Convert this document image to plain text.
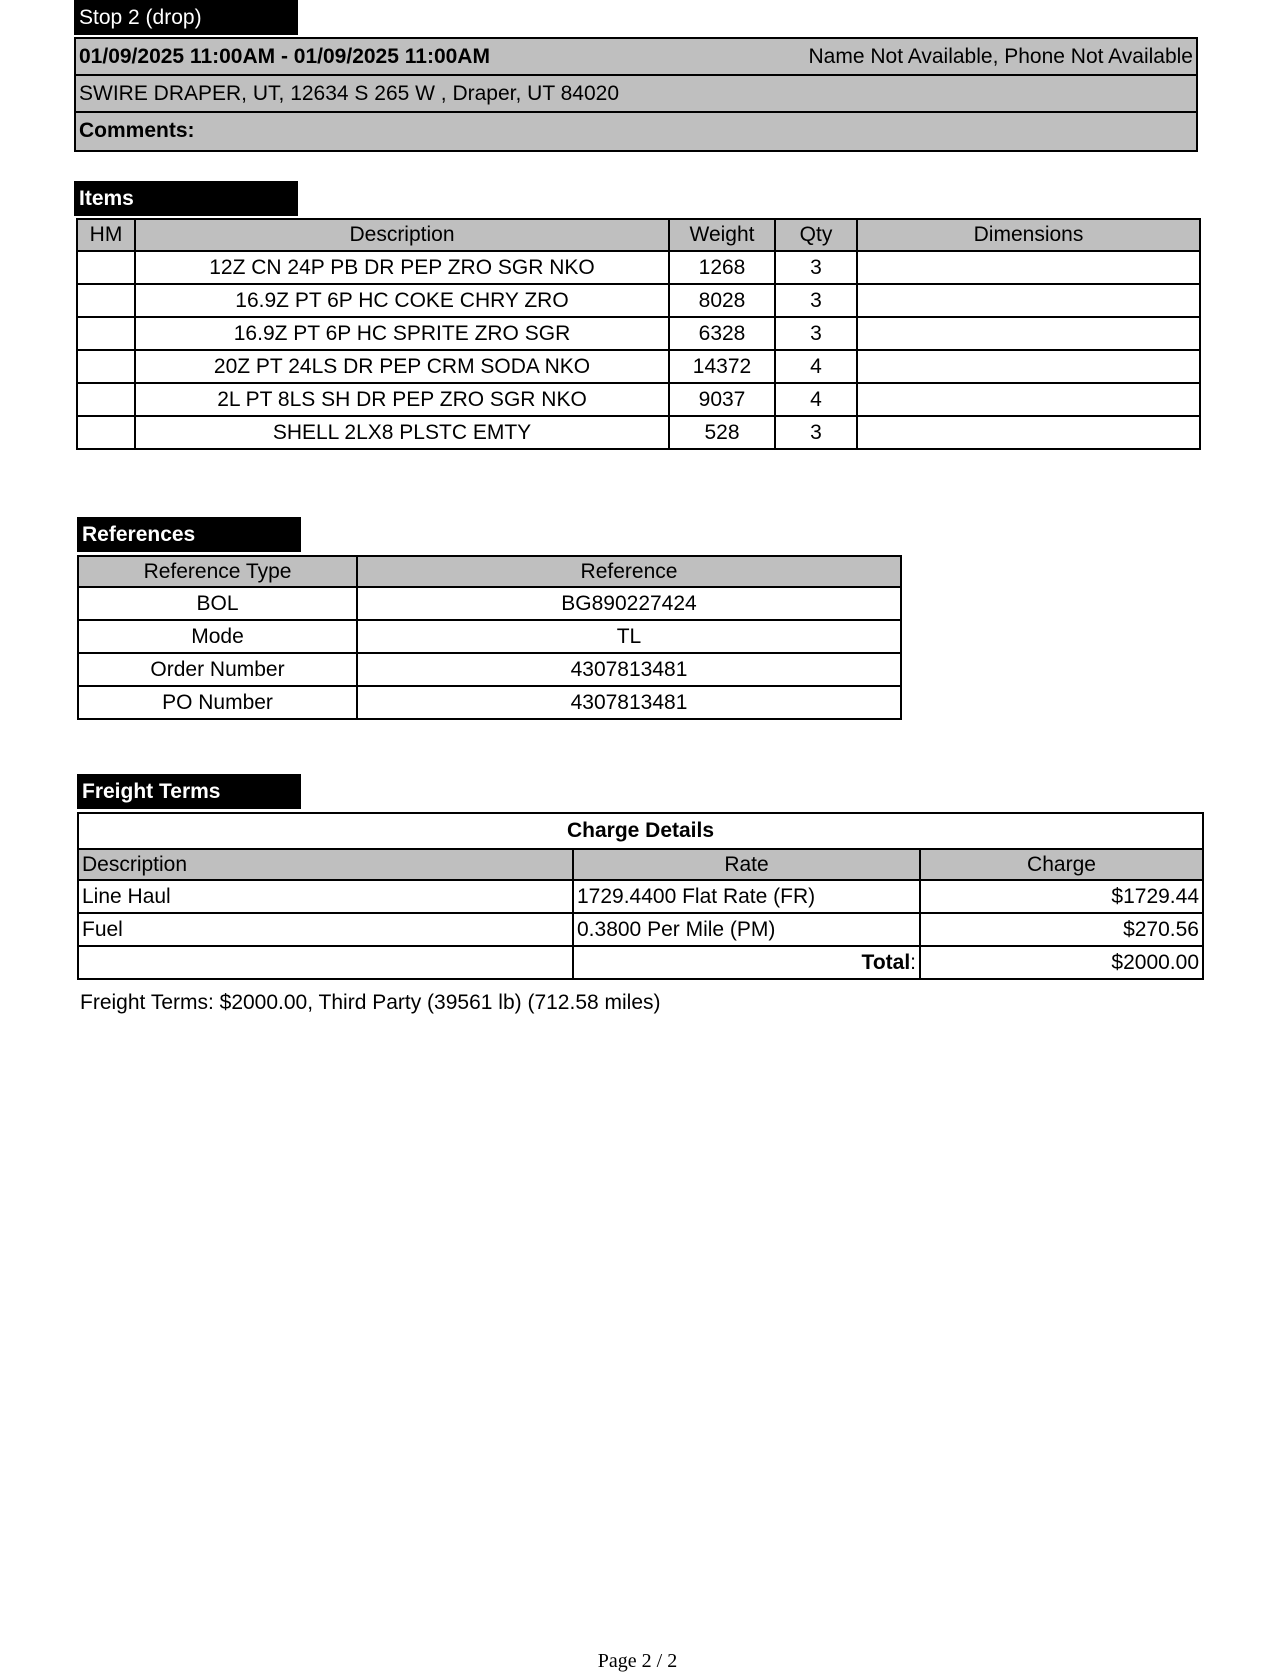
Stop 2 (drop)
01/09/2025 11:00AM - 01/09/2025 11:00AM	Name Not Available, Phone Not Available
SWIRE DRAPER, UT, 12634 S 265 W , Draper, UT 84020
Comments:
Items
HM	Description	Weight	Qty	Dimensions
	12Z CN 24P PB DR PEP ZRO SGR NKO	1268	3	
	16.9Z PT 6P HC COKE CHRY ZRO	8028	3	
	16.9Z PT 6P HC SPRITE ZRO SGR	6328	3	
	20Z PT 24LS DR PEP CRM SODA NKO	14372	4	
	2L PT 8LS SH DR PEP ZRO SGR NKO	9037	4	
	SHELL 2LX8 PLSTC EMTY	528	3	
References
Reference Type	Reference
BOL	BG890227424
Mode	TL
Order Number	4307813481
PO Number	4307813481
Freight Terms
Charge Details		
Description	Rate	Charge
Line Haul	1729.4400 Flat Rate (FR)	$1729.44
Fuel	0.3800 Per Mile (PM)	$270.56
	Total:	$2000.00
Freight Terms: $2000.00, Third Party (39561 lb) (712.58 miles)
Page 2 / 2
